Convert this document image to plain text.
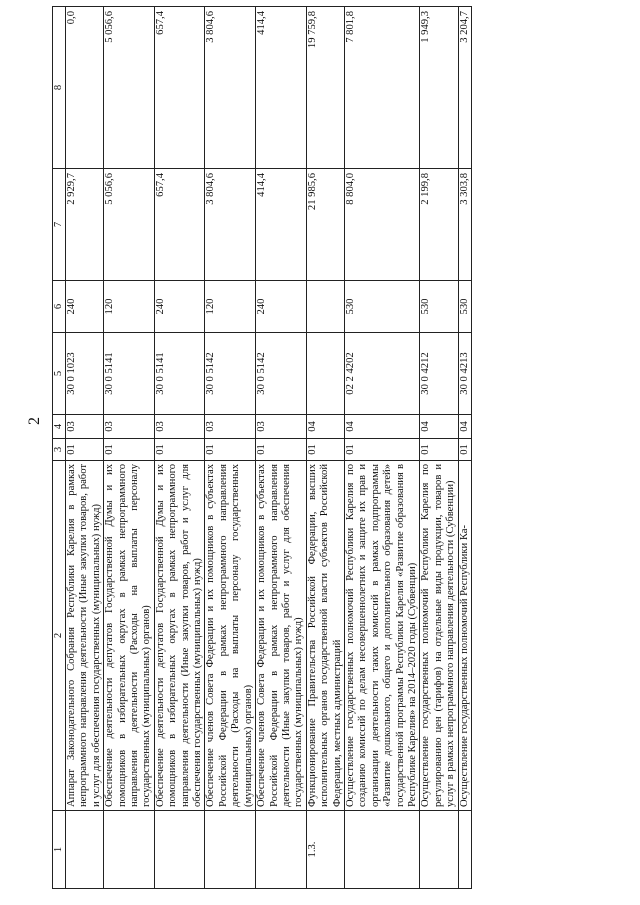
2
1	2	3	4	5	6	7	8
	Аппарат Законодательного Собрания Республики Карелия в рамках непрограммного направления деятельности (Иные закупки товаров, работ и услуг для обеспечения государственных (муниципальных) нужд)	01	03	30 0 1023	240	2 929,7	0,0
	Обеспечение деятельности депутатов Государственной Думы и их помощников в избирательных округах в рамках непрограммного направления деятельности (Расходы на выплаты персоналу государственных (муниципальных) органов)	01	03	30 0 5141	120	5 056,6	5 056,6
	Обеспечение деятельности депутатов Государственной Думы и их помощников в избирательных округах в рамках непрограммного направления деятельности (Иные закупки товаров, работ и услуг для обеспечения государственных (муниципальных) нужд)	01	03	30 0 5141	240	657,4	657,4
	Обеспечение членов Совета Федерации и их помощников в субъектах Российской Федерации в рамках непрограммного направления деятельности (Расходы на выплаты персоналу государственных (муниципальных) органов)	01	03	30 0 5142	120	3 804,6	3 804,6
	Обеспечение членов Совета Федерации и их помощников в субъектах Российской Федерации в рамках непрограммного направления деятельности (Иные закупки товаров, работ и услуг для обеспечения государственных (муниципальных) нужд)	01	03	30 0 5142	240	414,4	414,4
1.3.	Функционирование Правительства Российской Федерации, высших исполнительных органов государственной власти субъектов Российской Федерации, местных администраций	01	04			21 985,6	19 759,8
	Осуществление государственных полномочий Республики Карелия по созданию комиссий по делам несовершеннолетних и защите их прав и организации деятельности таких комиссий в рамках подпрограммы «Развитие дошкольного, общего и дополнительного образования детей» государственной программы Республики Карелия «Развитие образования в Республике Карелия» на 2014–2020 годы (Субвенции)	01	04	02 2 4202	530	8 804,0	7 801,8
	Осуществление государственных полномочий Республики Карелия по регулированию цен (тарифов) на отдельные виды продукции, товаров и услуг в рамках непрограммного направления деятельности (Субвенции)	01	04	30 0 4212	530	2 199,8	1 949,3
	Осуществление государственных полномочий Республики Ка-	01	04	30 0 4213	530	3 303,8	3 204,7
